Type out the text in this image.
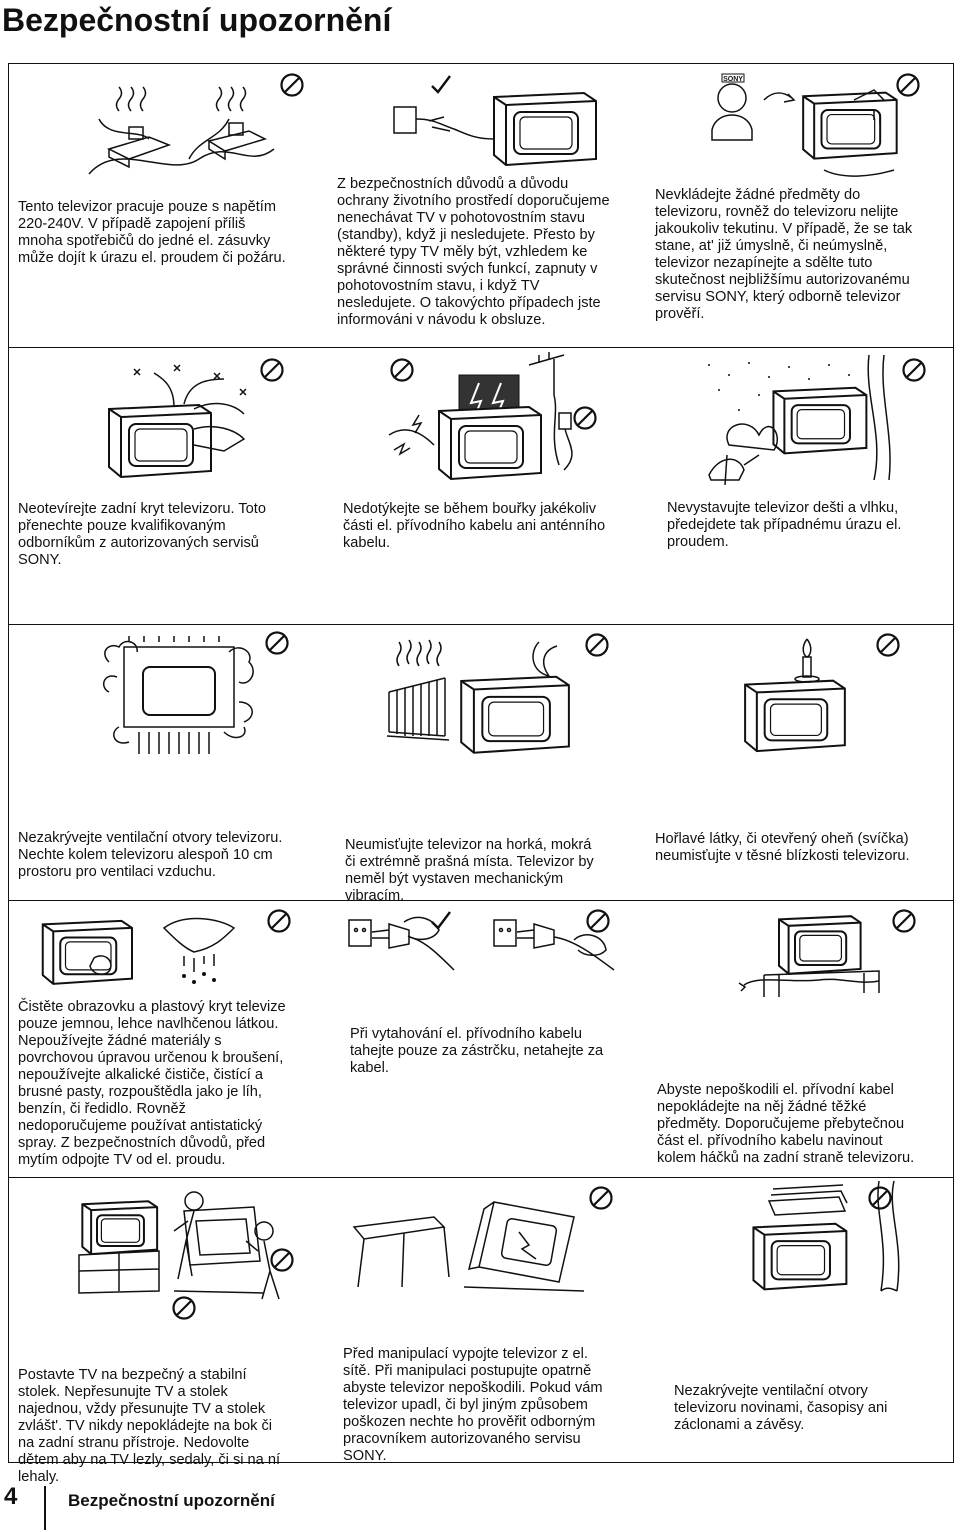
Bezpečnostní upozornění
Tento televizor pracuje pouze s napětím
220-240V. V případě zapojení příliš
mnoha spotřebičů do jedné el. zásuvky
může dojít k úrazu el. proudem či požáru.
Z bezpečnostních důvodů a důvodu
ochrany životního prostředí doporučujeme
nenechávat TV v pohotovostním stavu
(standby), když ji nesledujete. Přesto by
některé typy TV měly být, vzhledem ke
správné činnosti svých funkcí, zapnuty v
pohotovostním stavu, i když TV
nesledujete. O takovýchto případech jste
informováni v návodu k obsluze.
SONY
Nevkládejte žádné předměty do
televizoru, rovněž do televizoru nelijte
jakoukoliv tekutinu. V případě, že se tak
stane, at' již úmyslně, či neúmyslně,
televizor nezapínejte a sdělte tuto
skutečnost nejbližšímu autorizovanému
servisu SONY, který odborně televizor
prověří.
Neotevírejte zadní kryt televizoru. Toto
přenechte pouze kvalifikovaným
odborníkům z autorizovaných servisů
SONY.
Nedotýkejte se během bouřky jakékoliv
části el. přívodního kabelu ani anténního
kabelu.
Nevystavujte televizor dešti a vlhku,
předejdete tak případnému úrazu el.
proudem.
Nezakrývejte ventilační otvory televizoru.
Nechte kolem televizoru alespoň 10 cm
prostoru pro ventilaci vzduchu.
Neumisťujte televizor na horká, mokrá
či extrémně prašná místa. Televizor by
neměl být vystaven mechanickým
vibracím.
Hořlavé látky, či otevřený oheň (svíčka)
neumisťujte v těsné blízkosti televizoru.
Čistěte obrazovku a plastový kryt televize
pouze jemnou, lehce navlhčenou látkou.
Nepoužívejte žádné materiály s
povrchovou úpravou určenou k broušení,
nepoužívejte alkalické čističe, čistící a
brusné pasty, rozpouštědla jako je líh,
benzín, či ředidlo. Rovněž
nedoporučujeme používat antistatický
spray. Z bezpečnostních důvodů, před
mytím odpojte TV od el. proudu.
Při vytahování el. přívodního kabelu
tahejte pouze za zástrčku, netahejte za
kabel.
Abyste nepoškodili el. přívodní kabel
nepokládejte na něj žádné těžké
předměty. Doporučujeme přebytečnou
část el. přívodního kabelu navinout
kolem háčků na zadní straně televizoru.
Postavte TV na bezpečný a stabilní
stolek. Nepřesunujte TV a stolek
najednou, vždy přesunujte TV a stolek
zvlášt'. TV nikdy nepokládejte na bok či
na zadní stranu přístroje. Nedovolte
dětem aby na TV lezly, sedaly, či si na ní
lehaly.
Před manipulací vypojte televizor z el.
sítě. Při manipulaci postupujte opatrně
abyste televizor nepoškodili. Pokud vám
televizor upadl, či byl jiným způsobem
poškozen nechte ho prověřit odborným
pracovníkem autorizovaného servisu
SONY.
Nezakrývejte ventilační otvory
televizoru novinami, časopisy ani
záclonami a závěsy.
4	Bezpečnostní upozornění
